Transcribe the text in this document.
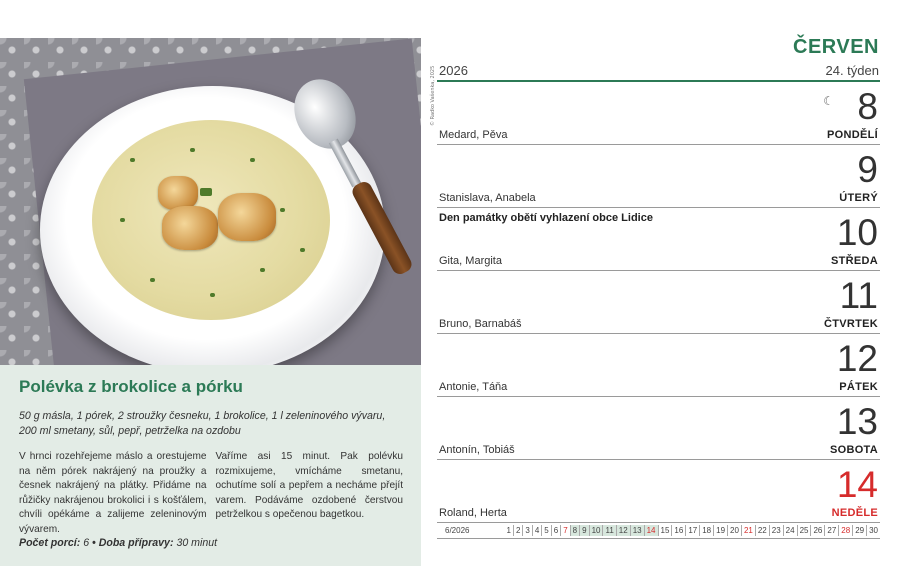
© Radko Vašenka, 2025
Polévka z brokolice a pórku
50 g másla, 1 pórek, 2 stroužky česneku, 1 brokolice, 1 l zeleninového vývaru, 200 ml smetany, sůl, pepř, petrželka na ozdobu
V hrnci rozehřejeme máslo a orestujeme na něm pórek nakrájený na proužky a česnek nakrájený na plátky. Přidáme na růžičky nakrájenou brokolici i s košťálem, chvíli opékáme a zalijeme zeleninovým vývarem.
Vaříme asi 15 minut. Pak polévku rozmixujeme, vmícháme smetanu, ochutíme solí a pepřem a necháme přejít varem. Podáváme ozdobené čerstvou petrželkou s opečenou bagetkou.
Počet porcí: 6 • Doba přípravy: 30 minut
ČERVEN
2026	24. týden
☾ 8
PONDĚLÍ
Medard, Pěva
9
ÚTERÝ
Stanislava, Anabela
Den památky obětí vyhlazení obce Lidice	10
STŘEDA
Gita, Margita
11
ČTVRTEK
Bruno, Barnabáš
12
PÁTEK
Antonie, Táňa
13
SOBOTA
Antonín, Tobiáš
14
NEDĚLE
Roland, Herta
6/2026	1 2 3 4 5 6 7 8 9 10 11 12 13 14 15 16 17 18 19 20 21 22 23 24 25 26 27 28 29 30
